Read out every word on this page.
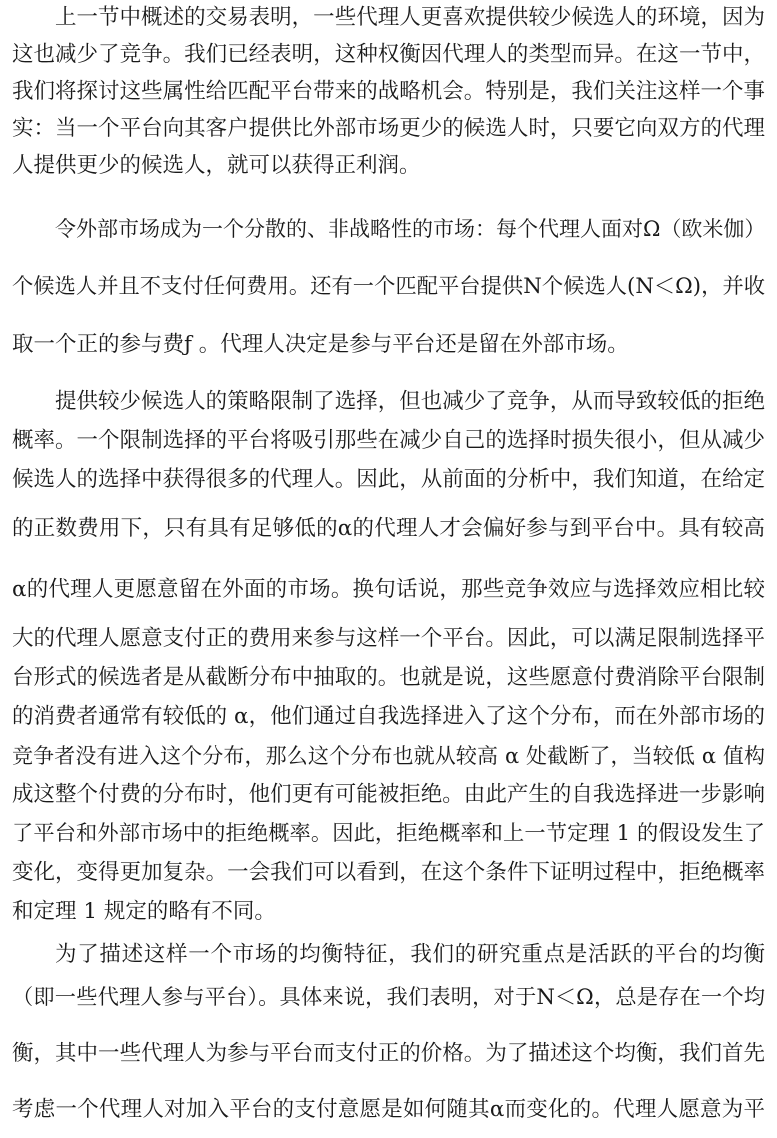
上一节中概述的交易表明，一些代理人更喜欢提供较少候选人的环境，因为
这也减少了竞争。我们已经表明，这种权衡因代理人的类型而异。在这一节中，
我们将探讨这些属性给匹配平台带来的战略机会。特别是，我们关注这样一个事
实：当一个平台向其客户提供比外部市场更少的候选人时，只要它向双方的代理
人提供更少的候选人，就可以获得正利润。
令外部市场成为一个分散的、非战略性的市场：每个代理人面对Ω（欧米伽）
个候选人并且不支付任何费用。还有一个匹配平台提供N个候选人(N＜Ω)，并收
取一个正的参与费ƒ 。代理人决定是参与平台还是留在外部市场。
提供较少候选人的策略限制了选择，但也减少了竞争，从而导致较低的拒绝
概率。一个限制选择的平台将吸引那些在减少自己的选择时损失很小，但从减少
候选人的选择中获得很多的代理人。因此，从前面的分析中，我们知道，在给定
的正数费用下，只有具有足够低的α的代理人才会偏好参与到平台中。具有较高
α的代理人更愿意留在外面的市场。换句话说，那些竞争效应与选择效应相比较
大的代理人愿意支付正的费用来参与这样一个平台。因此，可以满足限制选择平
台形式的候选者是从截断分布中抽取的。也就是说，这些愿意付费消除平台限制
的消费者通常有较低的 α，他们通过自我选择进入了这个分布，而在外部市场的
竞争者没有进入这个分布，那么这个分布也就从较高 α 处截断了，当较低 α 值构
成这整个付费的分布时，他们更有可能被拒绝。由此产生的自我选择进一步影响
了平台和外部市场中的拒绝概率。因此，拒绝概率和上一节定理 1 的假设发生了
变化，变得更加复杂。一会我们可以看到，在这个条件下证明过程中，拒绝概率
和定理 1 规定的略有不同。
为了描述这样一个市场的均衡特征，我们的研究重点是活跃的平台的均衡
（即一些代理人参与平台）。具体来说，我们表明，对于N＜Ω，总是存在一个均
衡，其中一些代理人为参与平台而支付正的价格。为了描述这个均衡，我们首先
考虑一个代理人对加入平台的支付意愿是如何随其α而变化的。代理人愿意为平
